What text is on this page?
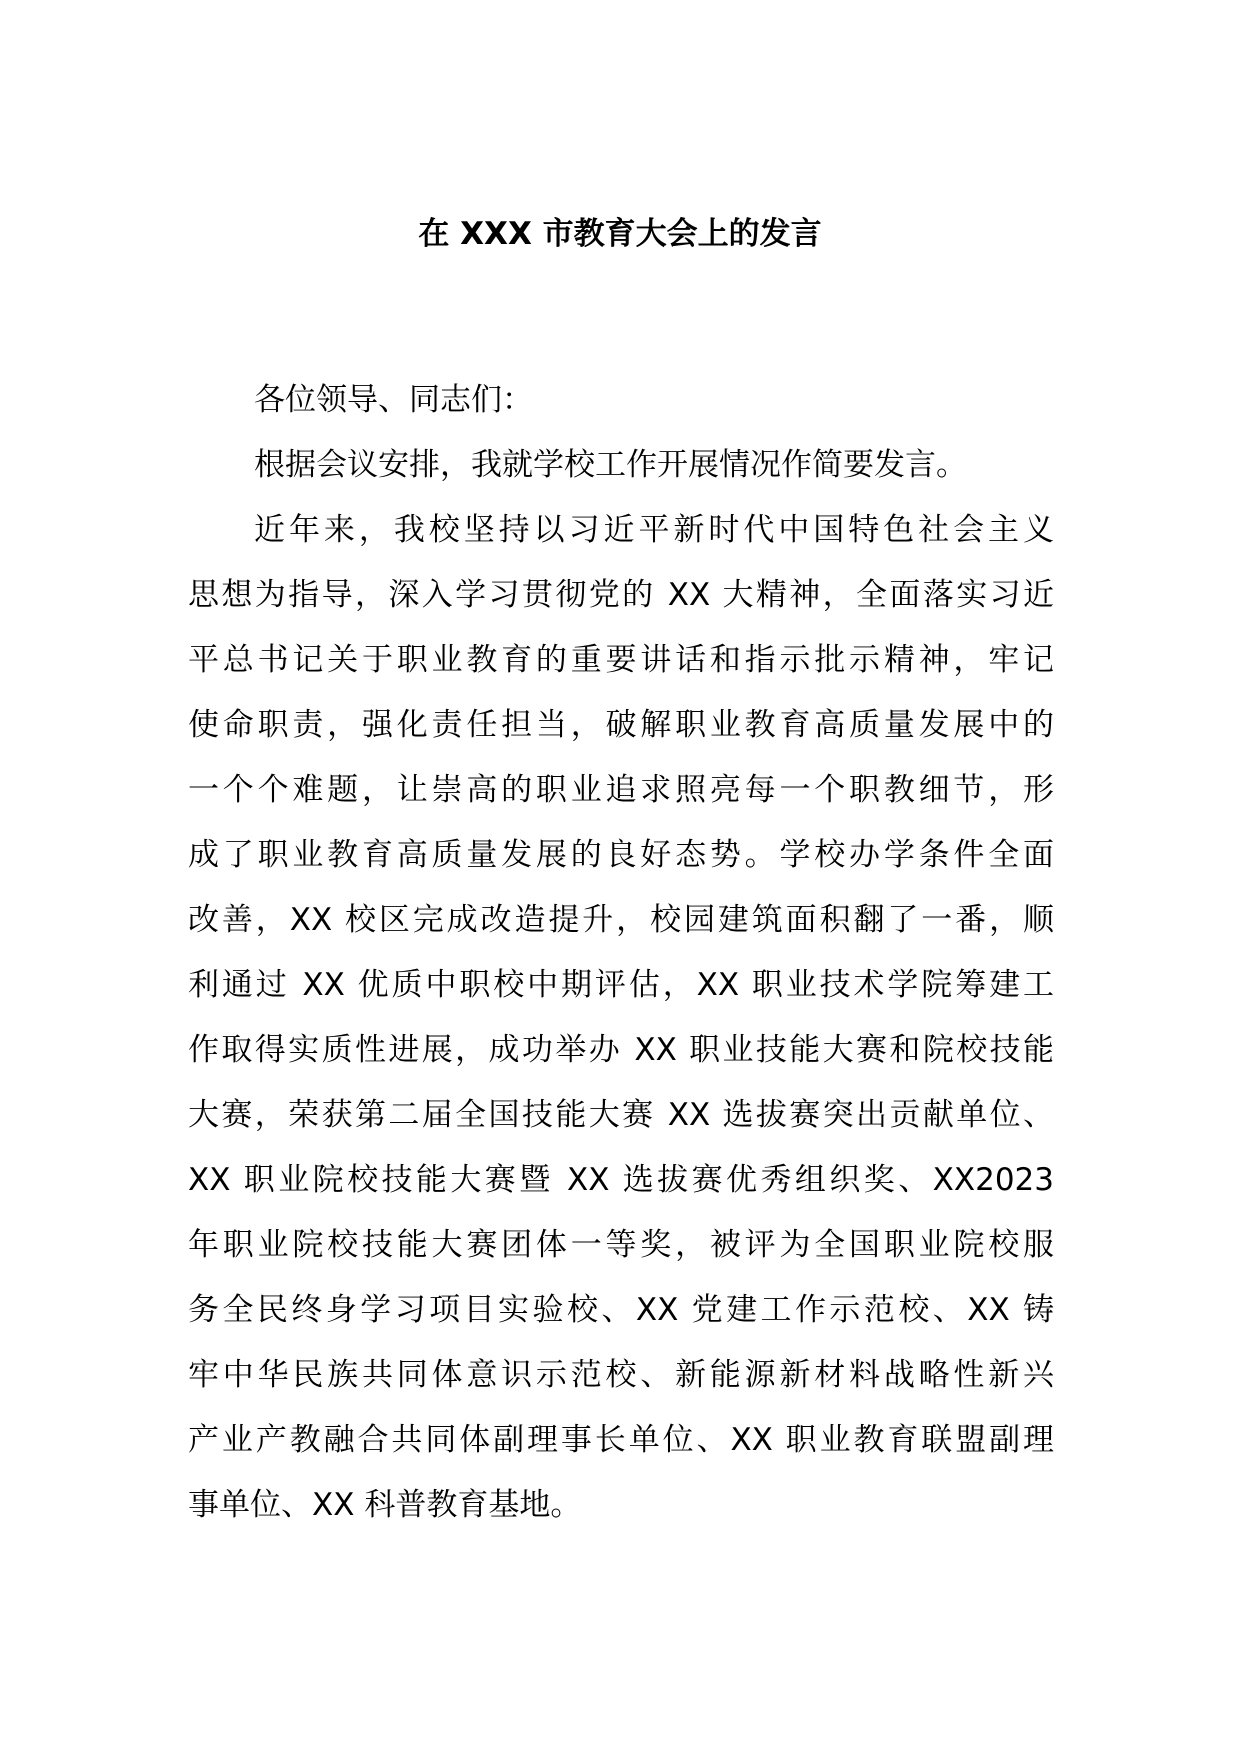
在 XXX 市教育大会上的发言

各位领导、同志们：

根据会议安排，我就学校工作开展情况作简要发言。

近年来，我校坚持以习近平新时代中国特色社会主义
思想为指导，深入学习贯彻党的 XX 大精神，全面落实习近
平总书记关于职业教育的重要讲话和指示批示精神，牢记
使命职责，强化责任担当，破解职业教育高质量发展中的
一个个难题，让崇高的职业追求照亮每一个职教细节，形
成了职业教育高质量发展的良好态势。学校办学条件全面
改善，XX 校区完成改造提升，校园建筑面积翻了一番，顺
利通过 XX 优质中职校中期评估，XX 职业技术学院筹建工
作取得实质性进展，成功举办 XX 职业技能大赛和院校技能
大赛，荣获第二届全国技能大赛 XX 选拔赛突出贡献单位、
XX 职业院校技能大赛暨 XX 选拔赛优秀组织奖、XX2023
年职业院校技能大赛团体一等奖，被评为全国职业院校服
务全民终身学习项目实验校、XX 党建工作示范校、XX 铸
牢中华民族共同体意识示范校、新能源新材料战略性新兴
产业产教融合共同体副理事长单位、XX 职业教育联盟副理
事单位、XX 科普教育基地。
